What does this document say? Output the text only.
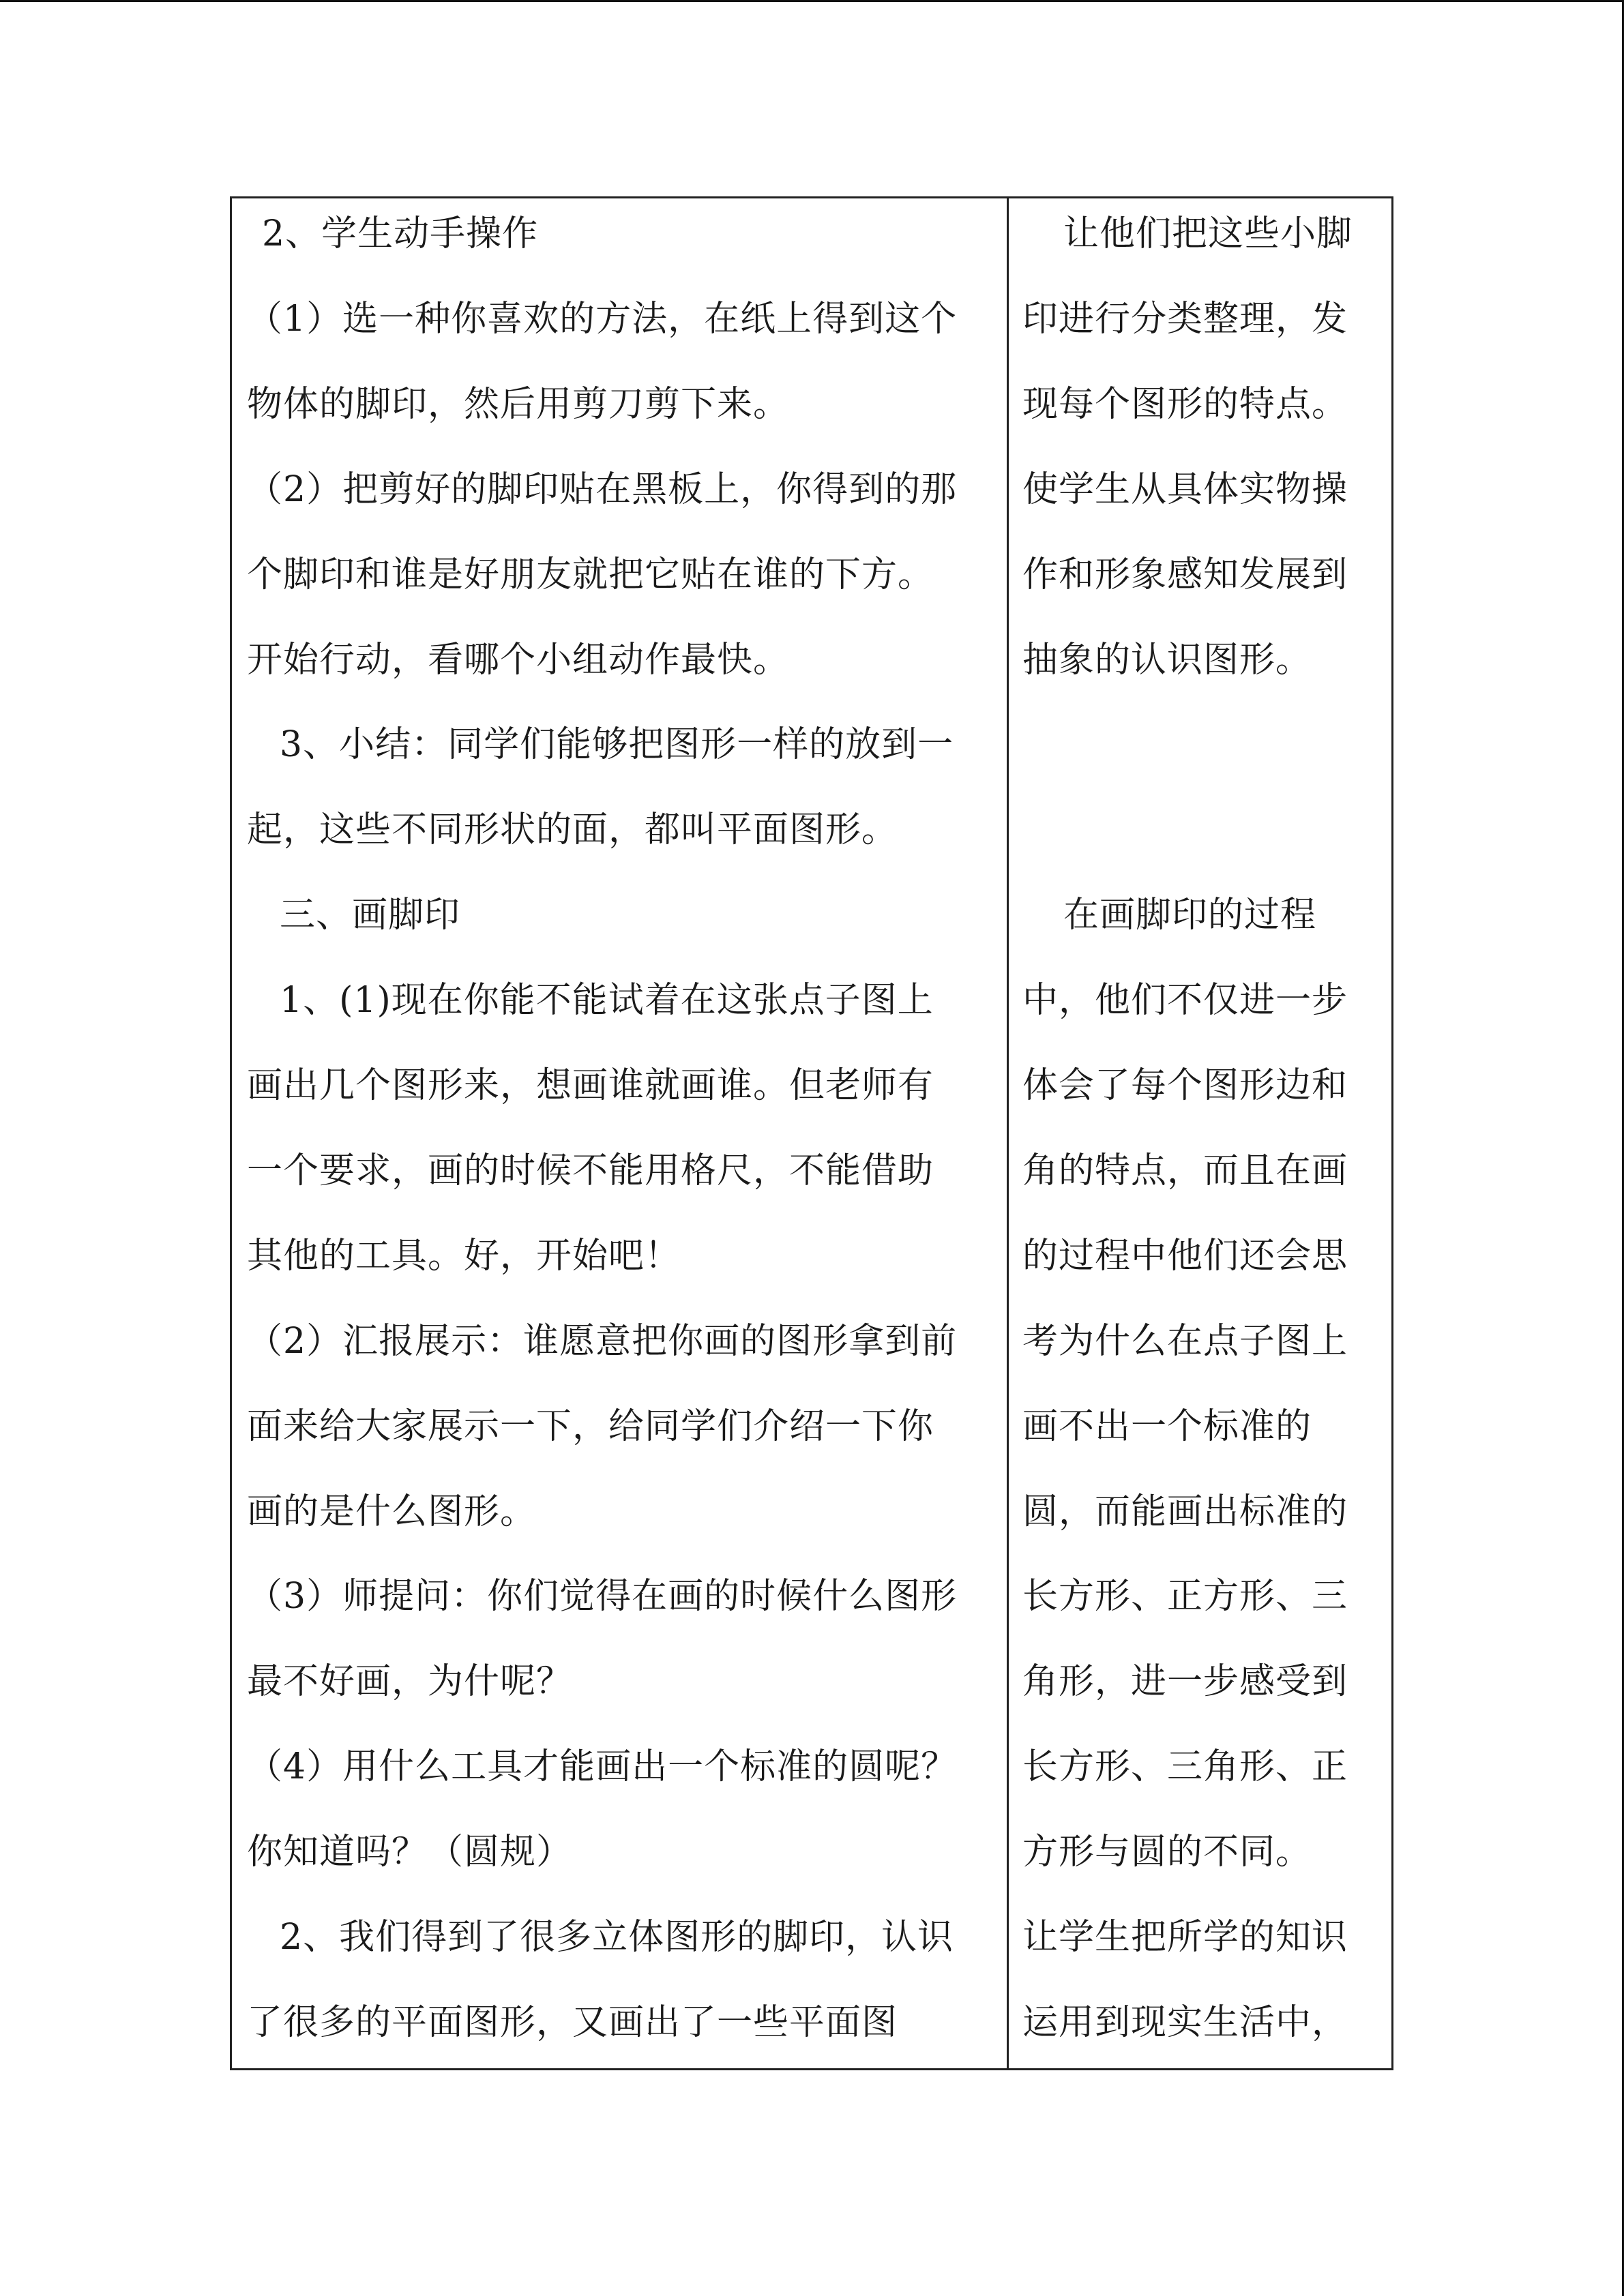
2、学生动手操作
（1）选一种你喜欢的方法，在纸上得到这个
物体的脚印，然后用剪刀剪下来。
（2）把剪好的脚印贴在黑板上，你得到的那
个脚印和谁是好朋友就把它贴在谁的下方。
开始行动，看哪个小组动作最快。
3、小结：同学们能够把图形一样的放到一
起，这些不同形状的面，都叫平面图形。
三、画脚印
1、(1)现在你能不能试着在这张点子图上
画出几个图形来，想画谁就画谁。但老师有
一个要求，画的时候不能用格尺，不能借助
其他的工具。好，开始吧！
（2）汇报展示：谁愿意把你画的图形拿到前
面来给大家展示一下，给同学们介绍一下你
画的是什么图形。
（3）师提问：你们觉得在画的时候什么图形
最不好画，为什呢？
（4）用什么工具才能画出一个标准的圆呢？
你知道吗？（圆规）
2、我们得到了很多立体图形的脚印，认识
了很多的平面图形，又画出了一些平面图
让他们把这些小脚
印进行分类整理，发
现每个图形的特点。
使学生从具体实物操
作和形象感知发展到
抽象的认识图形。
在画脚印的过程
中，他们不仅进一步
体会了每个图形边和
角的特点，而且在画
的过程中他们还会思
考为什么在点子图上
画不出一个标准的
圆，而能画出标准的
长方形、正方形、三
角形，进一步感受到
长方形、三角形、正
方形与圆的不同。
让学生把所学的知识
运用到现实生活中，
